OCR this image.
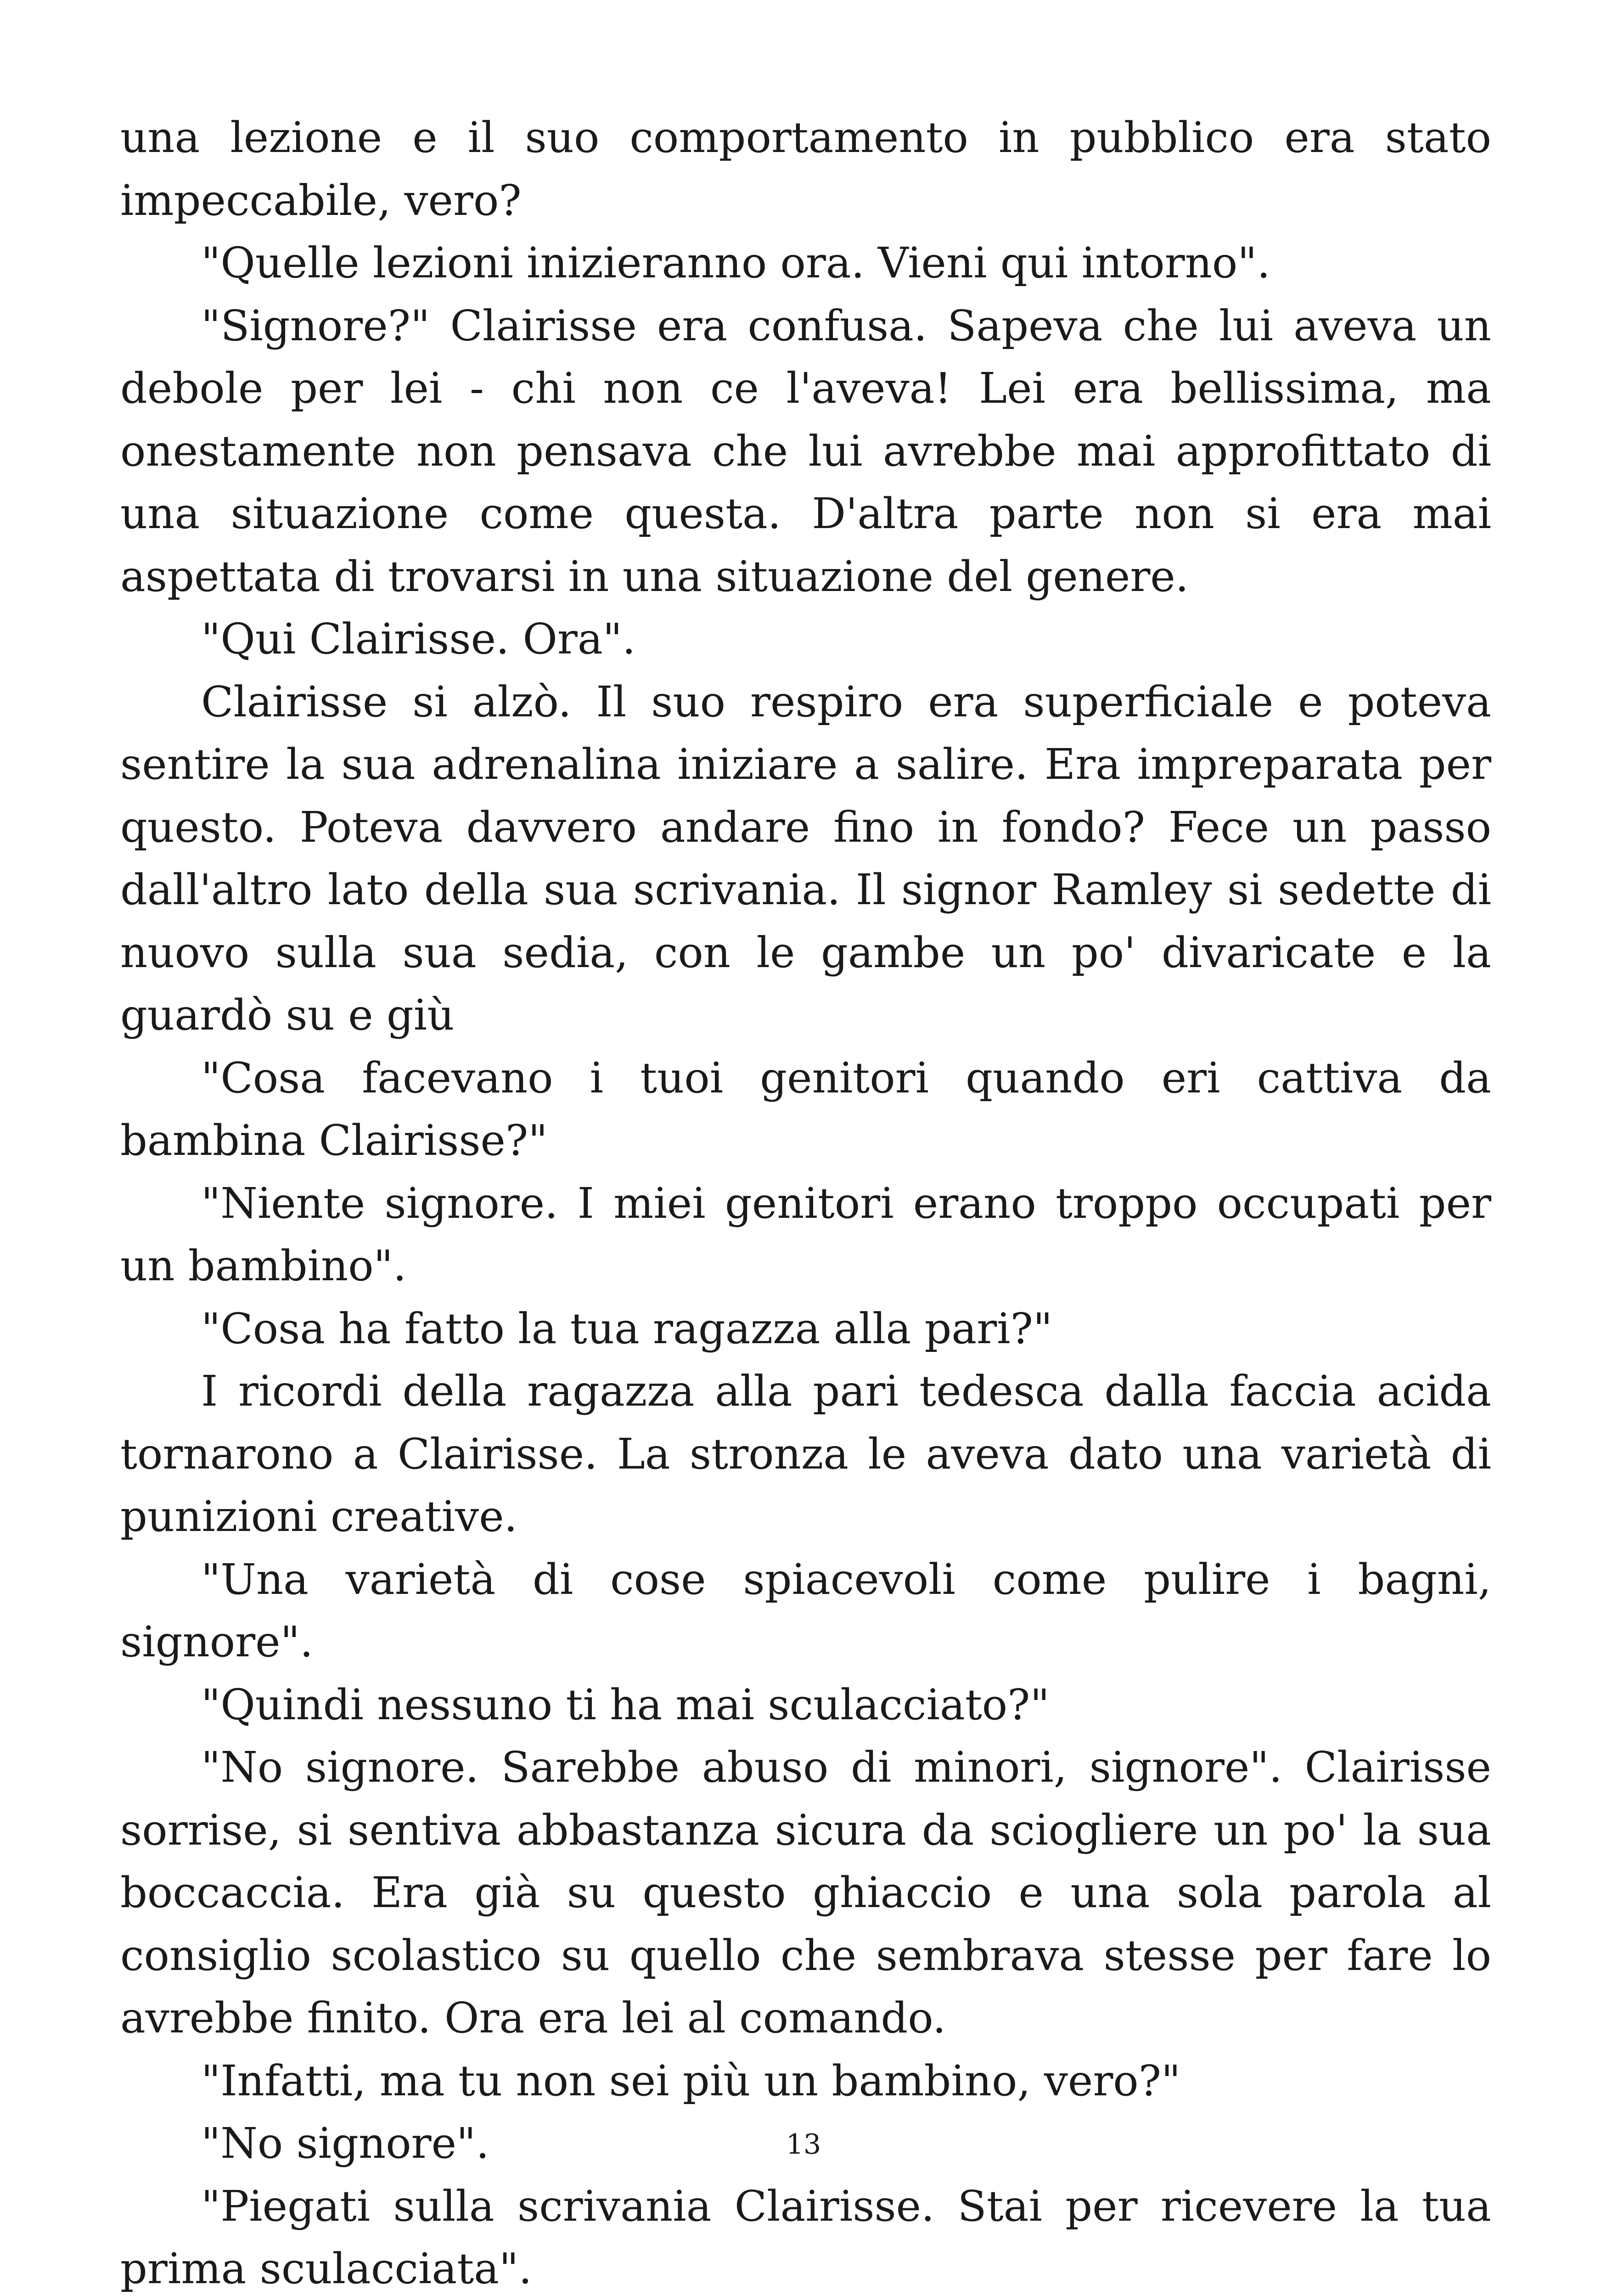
una lezione e il suo comportamento in pubblico era stato impeccabile, vero?

"Quelle lezioni inizieranno ora. Vieni qui intorno".

"Signore?" Clairisse era confusa. Sapeva che lui aveva un debole per lei - chi non ce l'aveva! Lei era bellissima, ma onestamente non pensava che lui avrebbe mai approfittato di una situazione come questa. D'altra parte non si era mai aspettata di trovarsi in una situazione del genere.

"Qui Clairisse. Ora".

Clairisse si alzò. Il suo respiro era superficiale e poteva sentire la sua adrenalina iniziare a salire. Era impreparata per questo. Poteva davvero andare fino in fondo? Fece un passo dall'altro lato della sua scrivania. Il signor Ramley si sedette di nuovo sulla sua sedia, con le gambe un po' divaricate e la guardò su e giù

"Cosa facevano i tuoi genitori quando eri cattiva da bambina Clairisse?"

"Niente signore. I miei genitori erano troppo occupati per un bambino".

"Cosa ha fatto la tua ragazza alla pari?"

I ricordi della ragazza alla pari tedesca dalla faccia acida tornarono a Clairisse. La stronza le aveva dato una varietà di punizioni creative.

"Una varietà di cose spiacevoli come pulire i bagni, signore".

"Quindi nessuno ti ha mai sculacciato?"

"No signore. Sarebbe abuso di minori, signore". Clairisse sorrise, si sentiva abbastanza sicura da sciogliere un po' la sua boccaccia. Era già su questo ghiaccio e una sola parola al consiglio scolastico su quello che sembrava stesse per fare lo avrebbe finito. Ora era lei al comando.

"Infatti, ma tu non sei più un bambino, vero?"

"No signore".

"Piegati sulla scrivania Clairisse. Stai per ricevere la tua prima sculacciata".

13
